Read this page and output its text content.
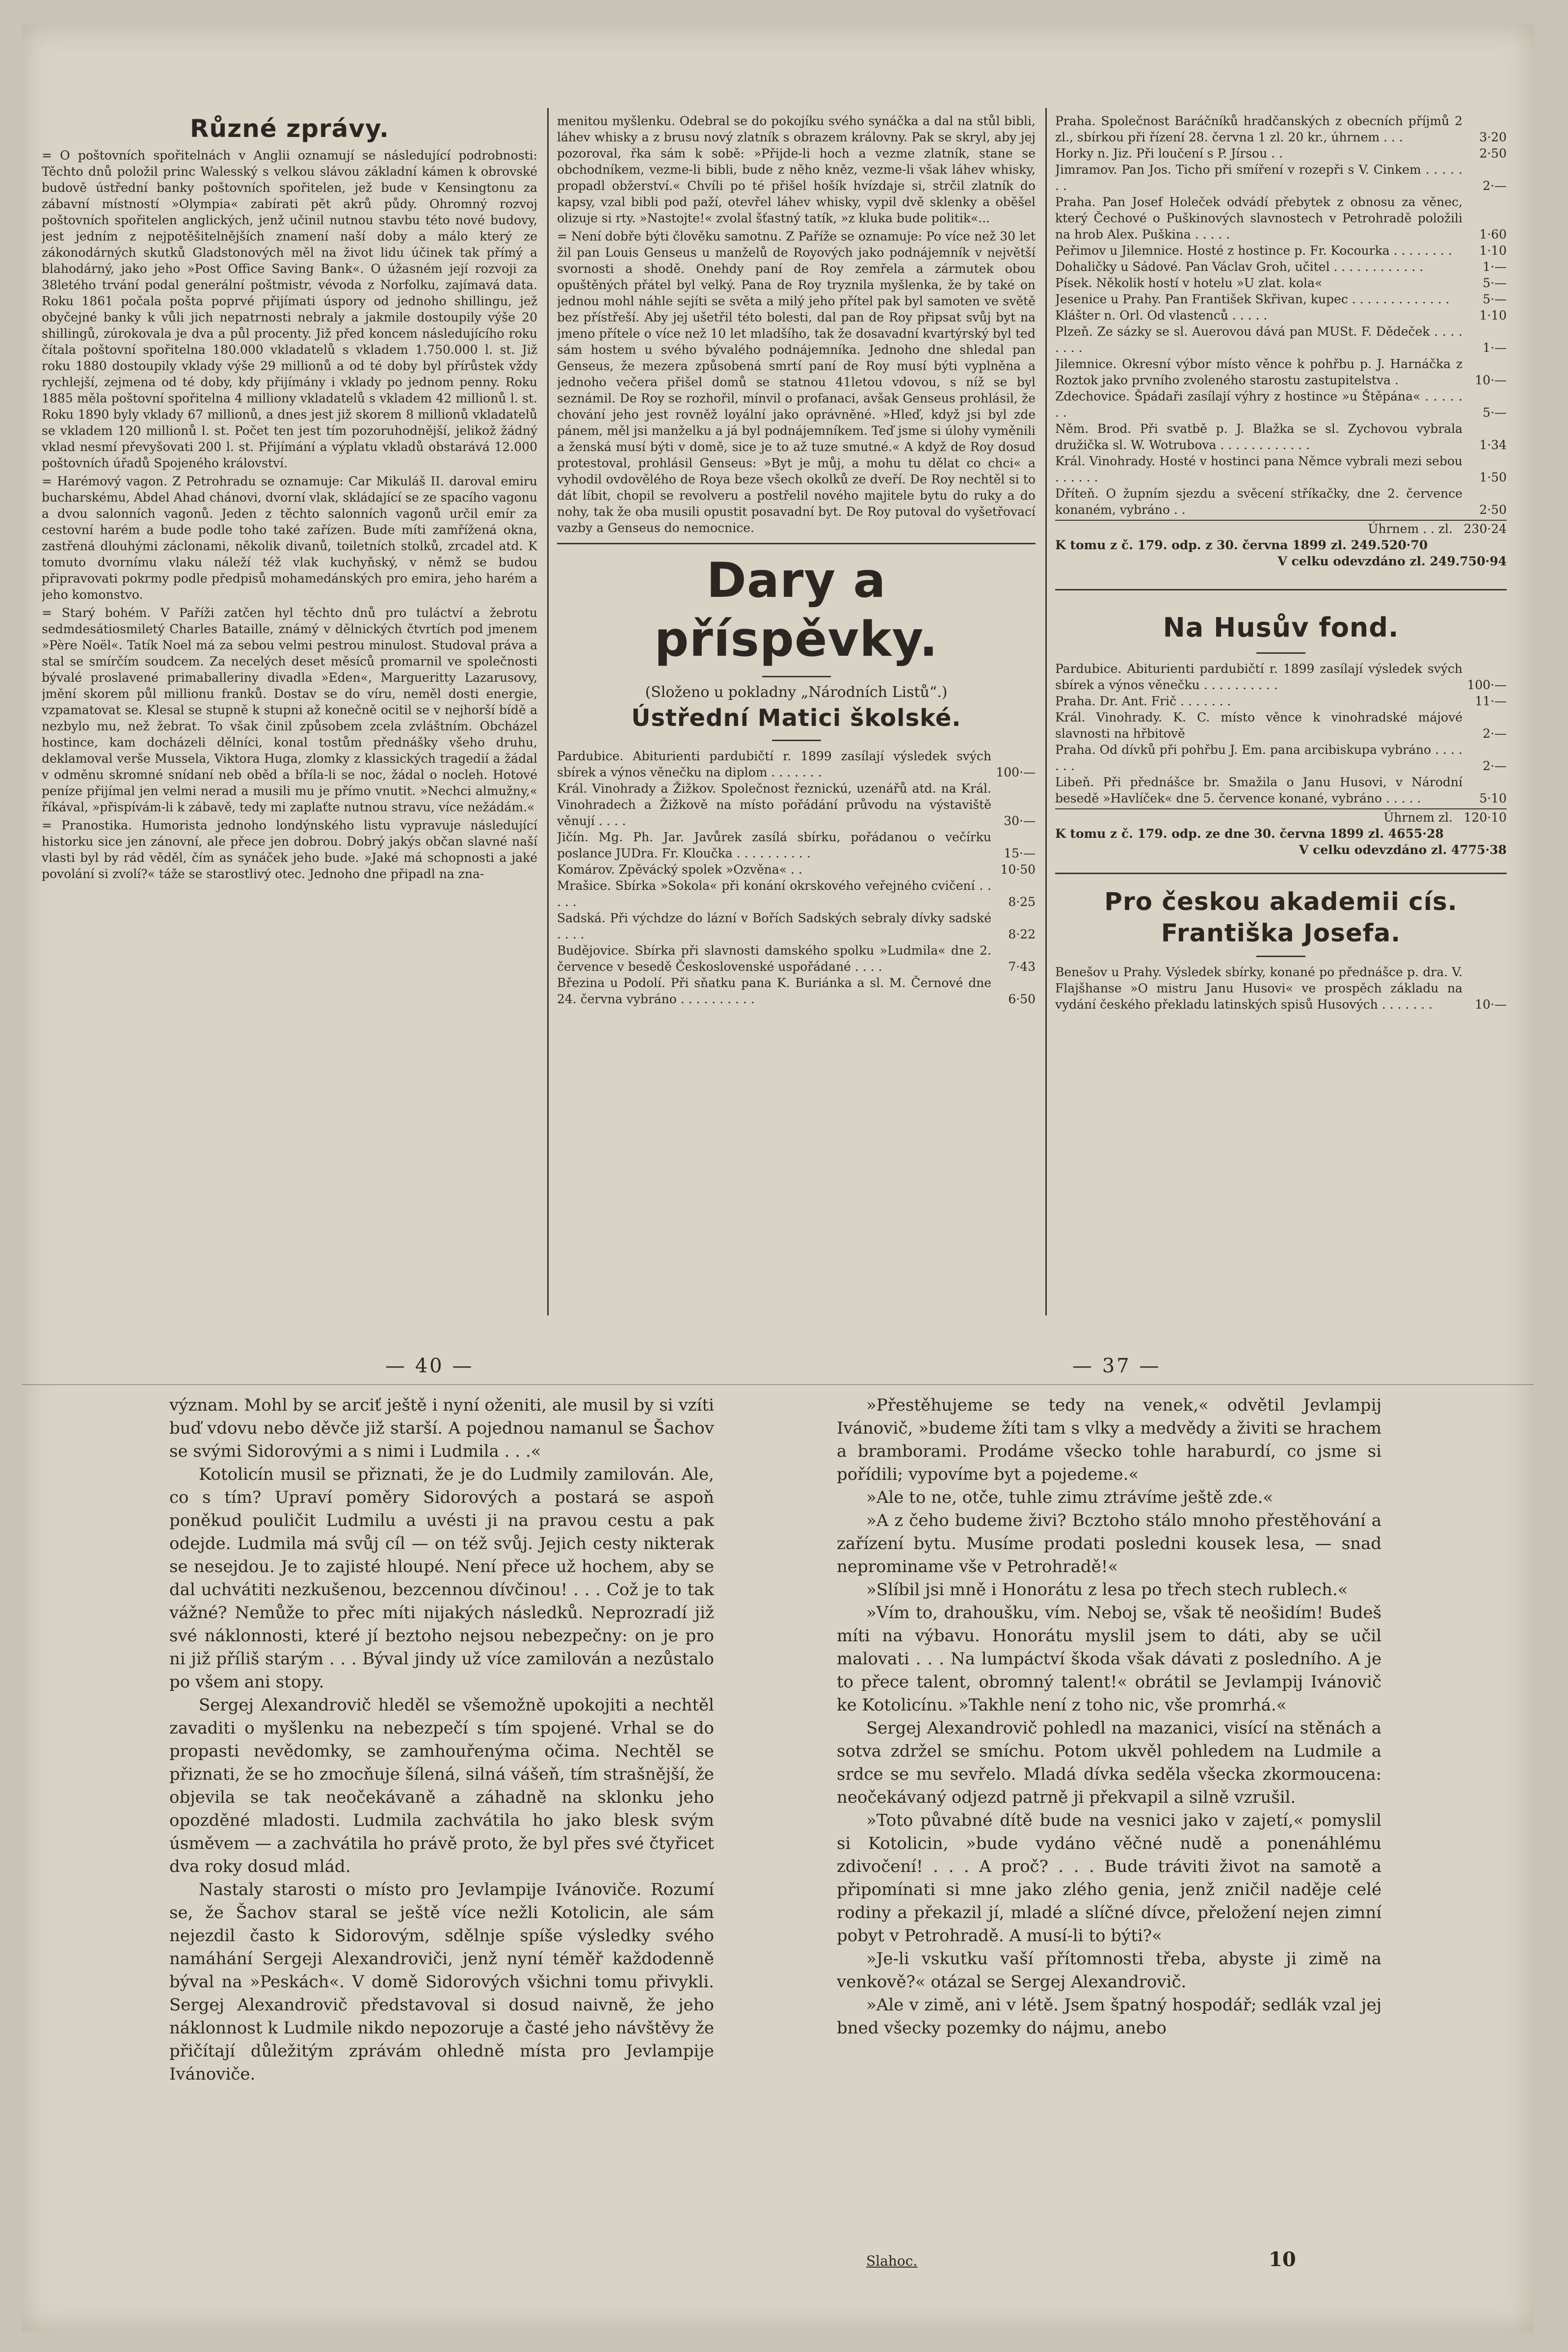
Různé zprávy.

= O poštovních spořitelnách v Anglii oznamují se následující podrobnosti: Těchto dnů položil princ Walesský s velkou slávou základní kámen k obrovské budově ústřední banky poštovních spořitelen, jež bude v Kensingtonu za zábavní místností »Olympia« zabírati pět akrů půdy. Ohromný rozvoj poštovních spořitelen anglických, jenž učinil nutnou stavbu této nové budovy, jest jedním z nejpotěšitelnějších znamení naší doby a málo který ze zákonodárných skutků Gladstonových měl na život lidu účinek tak přímý a blahodárný, jako jeho »Post Office Saving Bank«. O úžasném její rozvoji za 38letého trvání podal generální poštmistr, vévoda z Norfolku, zajímavá data. Roku 1861 počala pošta poprvé přijímati úspory od jednoho shillingu, jež obyčejné banky k vůli jich nepatrnosti nebraly a jakmile dostoupily výše 20 shillingů, zúrokovala je dva a půl procenty. Již před koncem následujícího roku čítala poštovní spořitelna 180.000 vkladatelů s vkladem 1.750.000 l. st. Již roku 1880 dostoupily vklady výše 29 millionů a od té doby byl přírůstek vždy rychlejší, zejmena od té doby, kdy přijímány i vklady po jednom penny. Roku 1885 měla poštovní spořitelna 4 milliony vkladatelů s vkladem 42 millionů l. st. Roku 1890 byly vklady 67 millionů, a dnes jest již skorem 8 millionů vkladatelů se vkladem 120 millionů l. st. Počet ten jest tím pozoruhodnější, jelikož žádný vklad nesmí převyšovati 200 l. st. Přijímání a výplatu vkladů obstarává 12.000 poštovních úřadů Spojeného království.

= Harémový vagon. Z Petrohradu se oznamuje: Car Mikuláš II. daroval emiru bucharskému, Abdel Ahad chánovi, dvorní vlak, skládající se ze spacího vagonu a dvou salonních vagonů. Jeden z těchto salonních vagonů určil emír za cestovní harém a bude podle toho také zařízen. Bude míti zamřížená okna, zastřená dlouhými záclonami, několik divanů, toiletních stolků, zrcadel atd. K tomuto dvornímu vlaku náleží též vlak kuchyňský, v němž se budou připravovati pokrmy podle předpisů mohamedánských pro emira, jeho harém a jeho komonstvo.

= Starý bohém. V Paříži zatčen hyl těchto dnů pro tuláctví a žebrotu sedmdesátiosmiletý Charles Bataille, známý v dělnických čtvrtích pod jmenem »Père Noël«. Tatík Noel má za sebou velmi pestrou minulost. Studoval práva a stal se smírčím soudcem. Za necelých deset měsíců promarnil ve společnosti bývalé proslavené primaballeriny divadla »Eden«, Margueritty Lazarusovy, jmění skorem půl millionu franků. Dostav se do víru, neměl dosti energie, vzpamatovat se. Klesal se stupně k stupni až konečně ocitil se v nejhorší bídě a nezbylo mu, než žebrat. To však činil způsobem zcela zvláštním. Obcházel hostince, kam docházeli dělníci, konal tostům přednášky všeho druhu, deklamoval verše Mussela, Viktora Huga, zlomky z klassických tragedií a žádal v odměnu skromné snídaní neb oběd a bříla-li se noc, žádal o nocleh. Hotové peníze přijímal jen velmi nerad a musili mu je přímo vnutit. »Nechci almužny,« říkával, »přispívám-li k zábavě, tedy mi zaplaťte nutnou stravu, více nežádám.«

= Pranostika. Humorista jednoho londýnského listu vypravuje následující historku sice jen zánovní, ale přece jen dobrou. Dobrý jakýs občan slavné naší vlasti byl by rád věděl, čím as synáček jeho bude. »Jaké má schopnosti a jaké povolání si zvolí?« táže se starostlivý otec. Jednoho dne připadl na zna-

menitou myšlenku. Odebral se do pokojíku svého synáčka a dal na stůl bibli, láhev whisky a z brusu nový zlatník s obrazem královny. Pak se skryl, aby jej pozoroval, řka sám k sobě: »Přijde-li hoch a vezme zlatník, stane se obchodníkem, vezme-li bibli, bude z něho kněz, vezme-li však láhev whisky, propadl obžerství.« Chvíli po té přišel hošík hvízdaje si, strčil zlatník do kapsy, vzal bibli pod paží, otevřel láhev whisky, vypil dvě sklenky a oběšel olizuje si rty. »Nastojte!« zvolal šťastný tatík, »z kluka bude politik«...

= Není dobře býti člověku samotnu. Z Paříže se oznamuje: Po více než 30 let žil pan Louis Genseus u manželů de Royových jako podnájemník v největší svornosti a shodě. Onehdy paní de Roy zemřela a zármutek obou opuštěných přátel byl velký. Pana de Roy tryznila myšlenka, že by také on jednou mohl náhle sejíti se světa a milý jeho přítel pak byl samoten ve světě bez přístřeší. Aby jej ušetřil této bolesti, dal pan de Roy připsat svůj byt na jmeno přítele o více než 10 let mladšího, tak že dosavadní kvartýrský byl teď sám hostem u svého bývalého podnájemníka. Jednoho dne shledal pan Genseus, že mezera způsobená smrtí paní de Roy musí býti vyplněna a jednoho večera přišel domů se statnou 41letou vdovou, s níž se byl seznámil. De Roy se rozhořil, mínvil o profanaci, avšak Genseus prohlásil, že chování jeho jest rovněž loyální jako oprávněné. »Hleď, když jsi byl zde pánem, měl jsi manželku a já byl podnájemníkem. Teď jsme si úlohy vyměnili a ženská musí býti v domě, sice je to až tuze smutné.« A když de Roy dosud protestoval, prohlásil Genseus: »Byt je můj, a mohu tu dělat co chci« a vyhodil ovdovělého de Roya beze všech okolků ze dveří. De Roy nechtěl si to dát líbit, chopil se revolveru a postřelil nového majitele bytu do ruky a do nohy, tak že oba musili opustit posavadní byt. De Roy putoval do vyšetřovací vazby a Genseus do nemocnice.

Dary a příspěvky.
(Složeno u pokladny „Národních Listů“.)
Ústřední Matici školské.
Pardubice. Abiturienti pardubičtí r. 1899 zasílají výsledek svých sbírek a výnos věnečku na diplom . . . . . . .	100·—
Král. Vinohrady a Žižkov. Společnost řeznickú, uzenářů atd. na Král. Vinohradech a Žižkově na místo pořádání průvodu na výstaviště věnují . . . .	30·—
Jičín. Mg. Ph. Jar. Javůrek zasílá sbírku, pořádanou o večírku poslance JUDra. Fr. Kloučka . . . . . . . . . .	15·—
Komárov. Zpěvácký spolek »Ozvěna« . .	10·50
Mrašice. Sbírka »Sokola« při konání okrskového veřejného cvičení . . . . .	8·25
Sadská. Při výchdze do lázní v Bořích Sadských sebraly dívky sadské . . . .	8·22
Budějovice. Sbírka při slavnosti damského spolku »Ludmila« dne 2. července v besedě Československé uspořádané . . . .	7·43
Březina u Podolí. Při sňatku pana K. Buriánka a sl. M. Černové dne 24. června vybráno . . . . . . . . . .	6·50
Praha. Společnost Baráčníků hradčanských z obecních příjmů 2 zl., sbírkou při řízení 28. června 1 zl. 20 kr., úhrnem . . .	3·20
Horky n. Jiz. Při loučení s P. Jírsou . .	2·50
Jimramov. Pan Jos. Ticho při smíření v rozepři s V. Cinkem . . . . . . .	2·—
Praha. Pan Josef Holeček odvádí přebytek z obnosu za věnec, který Čechové o Puškinových slavnostech v Petrohradě položili na hrob Alex. Puškina . . . . .	1·60
Peřimov u Jilemnice. Hosté z hostince p. Fr. Kocourka . . . . . . . .	1·10
Dohaličky u Sádové. Pan Václav Groh, učitel . . . . . . . . . . . .	1·—
Písek. Několik hostí v hotelu »U zlat. kola«	5·—
Jesenice u Prahy. Pan František Skřivan, kupec . . . . . . . . . . . . .	5·—
Klášter n. Orl. Od vlastenců . . . . .	1·10
Plzeň. Ze sázky se sl. Auerovou dává pan MUSt. F. Dědeček . . . . . . . .	1·—
Jilemnice. Okresní výbor místo věnce k pohřbu p. J. Harnáčka z Roztok jako prvního zvoleného starostu zastupitelstva .	10·—
Zdechovice. Špádaři zasílají výhry z hostince »u Štěpána« . . . . . . .	5·—
Něm. Brod. Při svatbě p. J. Blažka se sl. Zychovou vybrala družička sl. W. Wotrubova . . . . . . . . . . . .	1·34
Král. Vinohrady. Hosté v hostinci pana Němce vybrali mezi sebou . . . . . .	1·50
Dříteň. O župním sjezdu a svěcení stříkačky, dne 2. července konaném, vybráno . .	2·50
Úhrnem . . zl. 230·24
K tomu z č. 179. odp. z 30. června 1899 zl. 249.520·70
V celku odevzdáno zl. 249.750·94
Na Husův fond.
Pardubice. Abiturienti pardubičtí r. 1899 zasílají výsledek svých sbírek a výnos věnečku . . . . . . . . . .	100·—
Praha. Dr. Ant. Frič . . . . . . .	11·—
Král. Vinohrady. K. C. místo věnce k vinohradské májové slavnosti na hřbitově	2·—
Praha. Od dívků při pohřbu J. Em. pana arcibiskupa vybráno . . . . . . .	2·—
Libeň. Při přednášce br. Smažila o Janu Husovi, v Národní besedě »Havlíček« dne 5. července konané, vybráno . . . . .	5·10
Úhrnem zl. 120·10
K tomu z č. 179. odp. ze dne 30. června 1899 zl. 4655·28
V celku odevzdáno zl. 4775·38
Pro českou akademii cís. Františka Josefa.
Benešov u Prahy. Výsledek sbírky, konané po přednášce p. dra. V. Flajšhanse »O mistru Janu Husovi« ve prospěch základu na vydání českého překladu latinských spisů Husových . . . . . . .	10·—
— 40 —	— 37 —

význam. Mohl by se arciť ještě i nyní oženiti, ale musil by si vzíti buď vdovu nebo děvče již starší. A pojednou namanul se Šachov se svými Sidorovými a s nimi i Ludmila . . .«

Kotolicín musil se přiznati, že je do Ludmily zamilován. Ale, co s tím? Upraví poměry Sidorových a postará se aspoň poněkud pouličit Ludmilu a uvésti ji na pravou cestu a pak odejde. Ludmila má svůj cíl — on též svůj. Jejich cesty nikterak se nesejdou. Je to zajisté hloupé. Není přece už hochem, aby se dal uchvátiti nezkušenou, bezcennou dívčinou! . . . Což je to tak vážné? Nemůže to přec míti nijakých následků. Neprozradí již své náklonnosti, které jí beztoho nejsou nebezpečny: on je pro ni již příliš starým . . . Býval jindy už více zamilován a nezůstalo po všem ani stopy.

Sergej Alexandrovič hleděl se všemožně upokojiti a nechtěl zavaditi o myšlenku na nebezpečí s tím spojené. Vrhal se do propasti nevědomky, se zamhouřenýma očima. Nechtěl se přiznati, že se ho zmocňuje šílená, silná vášeň, tím strašnější, že objevila se tak neočekávaně a záhadně na sklonku jeho opozděné mladosti. Ludmila zachvátila ho jako blesk svým úsměvem — a zachvátila ho právě proto, že byl přes své čtyřicet dva roky dosud mlád.

Nastaly starosti o místo pro Jevlampije Ivánoviče. Rozumí se, že Šachov staral se ještě více nežli Kotolicin, ale sám nejezdil často k Sidorovým, sdělnje spíše výsledky svého namáhání Sergeji Alexandroviči, jenž nyní téměř každodenně býval na »Peskách«. V domě Sidorových všichni tomu přivykli. Sergej Alexandrovič představoval si dosud naivně, že jeho náklonnost k Ludmile nikdo nepozoruje a časté jeho návštěvy že přičítají důležitým zprávám ohledně místa pro Jevlampije Ivánoviče.

»Přestěhujeme se tedy na venek,« odvětil Jevlampij Ivánovič, »budeme žíti tam s vlky a medvědy a živiti se hrachem a bramborami. Prodáme všecko tohle haraburdí, co jsme si pořídili; vypovíme byt a pojedeme.«

»Ale to ne, otče, tuhle zimu ztrávíme ještě zde.«

»A z čeho budeme živi? Bcztoho stálo mnoho přestěhování a zařízení bytu. Musíme prodati posledni kousek lesa, — snad neprominame vše v Petrohradě!«

»Slíbil jsi mně i Honorátu z lesa po třech stech rublech.«

»Vím to, drahoušku, vím. Neboj se, však tě neošidím! Budeš míti na výbavu. Honorátu myslil jsem to dáti, aby se učil malovati . . . Na lumpáctví škoda však dávati z posledního. A je to přece talent, obromný talent!« obrátil se Jevlampij Ivánovič ke Kotolicínu. »Takhle není z toho nic, vše promrhá.«

Sergej Alexandrovič pohledl na mazanici, visící na stěnách a sotva zdržel se smíchu. Potom ukvěl pohledem na Ludmile a srdce se mu sevřelo. Mladá dívka seděla všecka zkormoucena: neočekávaný odjezd patrně ji překvapil a silně vzrušil.

»Toto půvabné dítě bude na vesnici jako v zajetí,« pomyslil si Kotolicin, »bude vydáno věčné nudě a ponenáhlému zdivočení! . . . A proč? . . . Bude tráviti život na samotě a připomínati si mne jako zlého genia, jenž zničil naděje celé rodiny a překazil jí, mladé a slíčné dívce, přeložení nejen zimní pobyt v Petrohradě. A musí-li to býti?«

»Je-li vskutku vaší přítomnosti třeba, abyste ji zimě na venkově?« otázal se Sergej Alexandrovič.

»Ale v zimě, ani v létě. Jsem špatný hospodář; sedlák vzal jej bned všecky pozemky do nájmu, anebo

Slahoc.	10
